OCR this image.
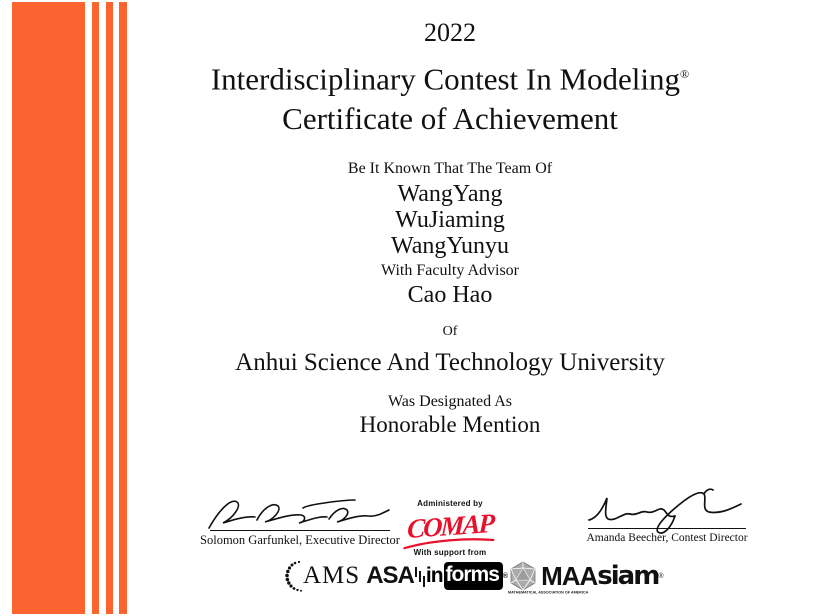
2022
Interdisciplinary Contest In Modeling®
Certificate of Achievement
Be It Known That The Team Of
WangYang
WuJiaming
WangYunyu
With Faculty Advisor
Cao Hao
Of
Anhui Science And Technology University
Was Designated As
Honorable Mention
Solomon Garfunkel, Executive Director
Administered by
COMAP
With support from
Amanda Beecher, Contest Director
AMS ASA in forms ® MAA
MATHEMATICAL ASSOCIATION OF AMERICA
siam ®
